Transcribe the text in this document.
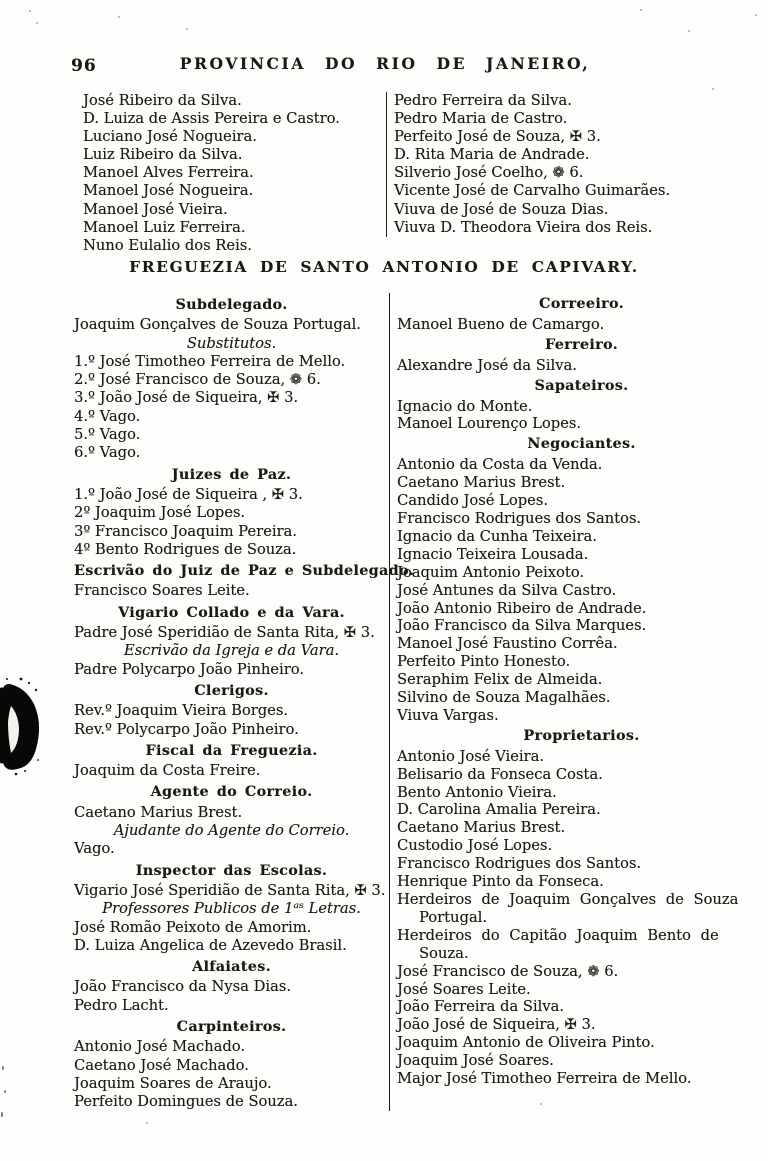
96	PROVINCIA DO RIO DE JANEIRO,
José Ribeiro da Silva.
D. Luiza de Assis Pereira e Castro.
Luciano José Nogueira.
Luiz Ribeiro da Silva.
Manoel Alves Ferreira.
Manoel José Nogueira.
Manoel José Vieira.
Manoel Luiz Ferreira.
Nuno Eulalio dos Reis.
Pedro Ferreira da Silva.
Pedro Maria de Castro.
Perfeito José de Souza, ✠ 3.
D. Rita Maria de Andrade.
Silverio José Coelho, ❁ 6.
Vicente José de Carvalho Guimarães.
Viuva de José de Souza Dias.
Viuva D. Theodora Vieira dos Reis.
FREGUEZIA DE SANTO ANTONIO DE CAPIVARY.
Subdelegado.
Joaquim Gonçalves de Souza Portugal.
Substitutos.
1.º José Timotheo Ferreira de Mello.
2.º José Francisco de Souza, ❁ 6.
3.º João José de Siqueira, ✠ 3.
4.º Vago.
5.º Vago.
6.º Vago.
Juizes de Paz.
1.º João José de Siqueira , ✠ 3.
2º Joaquim José Lopes.
3º Francisco Joaquim Pereira.
4º Bento Rodrigues de Souza.
Escrivão do Juiz de Paz e Subdelegado.
Francisco Soares Leite.
Vigario Collado e da Vara.
Padre José Speridião de Santa Rita, ✠ 3.
Escrivão da Igreja e da Vara.
Padre Polycarpo João Pinheiro.
Clerigos.
Rev.º Joaquim Vieira Borges.
Rev.º Polycarpo João Pinheiro.
Fiscal da Freguezia.
Joaquim da Costa Freire.
Agente do Correio.
Caetano Marius Brest.
Ajudante do Agente do Correio.
Vago.
Inspector das Escolas.
Vigario José Speridião de Santa Rita, ✠ 3.
Professores Publicos de 1ᵃˢ Letras.
José Romão Peixoto de Amorim.
D. Luiza Angelica de Azevedo Brasil.
Alfaiates.
João Francisco da Nysa Dias.
Pedro Lacht.
Carpinteiros.
Antonio José Machado.
Caetano José Machado.
Joaquim Soares de Araujo.
Perfeito Domingues de Souza.
Correeiro.
Manoel Bueno de Camargo.
Ferreiro.
Alexandre José da Silva.
Sapateiros.
Ignacio do Monte.
Manoel Lourenço Lopes.
Negociantes.
Antonio da Costa da Venda.
Caetano Marius Brest.
Candido José Lopes.
Francisco Rodrigues dos Santos.
Ignacio da Cunha Teixeira.
Ignacio Teixeira Lousada.
Joaquim Antonio Peixoto.
José Antunes da Silva Castro.
João Antonio Ribeiro de Andrade.
João Francisco da Silva Marques.
Manoel José Faustino Corrêa.
Perfeito Pinto Honesto.
Seraphim Felix de Almeida.
Silvino de Souza Magalhães.
Viuva Vargas.
Proprietarios.
Antonio José Vieira.
Belisario da Fonseca Costa.
Bento Antonio Vieira.
D. Carolina Amalia Pereira.
Caetano Marius Brest.
Custodio José Lopes.
Francisco Rodrigues dos Santos.
Henrique Pinto da Fonseca.
Herdeiros de Joaquim Gonçalves de Souza
Portugal.
Herdeiros do Capitão Joaquim Bento de
Souza.
José Francisco de Souza, ❁ 6.
José Soares Leite.
João Ferreira da Silva.
João José de Siqueira, ✠ 3.
Joaquim Antonio de Oliveira Pinto.
Joaquim José Soares.
Major José Timotheo Ferreira de Mello.
